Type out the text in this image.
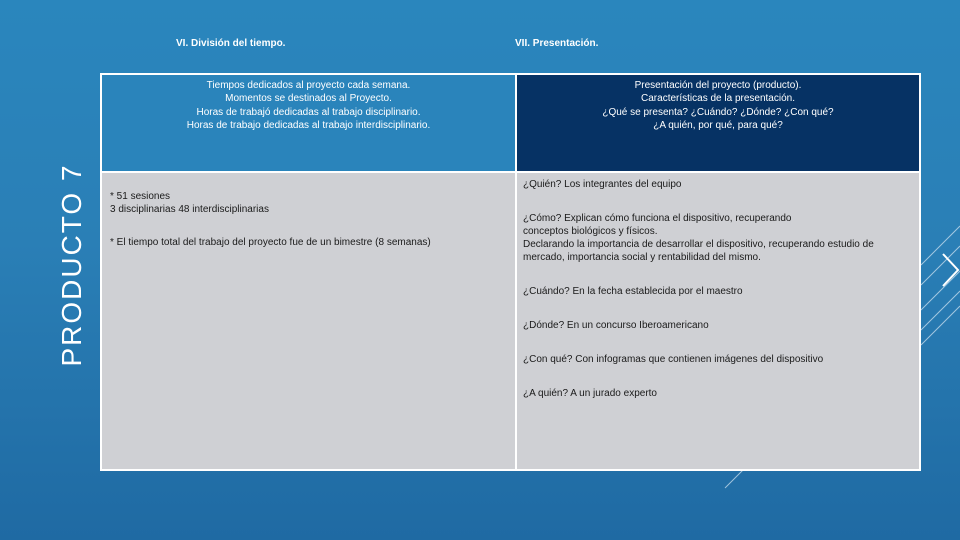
VI. División del tiempo.	VII. Presentación.
PRODUCTO 7
Tiempos dedicados al proyecto cada semana.
Momentos se destinados al Proyecto.
Horas de trabajó dedicadas al trabajo disciplinario.
Horas de trabajo dedicadas al trabajo interdisciplinario.
Presentación del proyecto (producto).
Características de la presentación.
¿Qué se presenta? ¿Cuándo? ¿Dónde? ¿Con qué?
¿A quién, por qué, para qué?
* 51 sesiones
3 disciplinarias 48 interdisciplinarias
* El tiempo total del trabajo del proyecto fue de un bimestre (8 semanas)
¿Quién? Los integrantes del equipo
¿Cómo? Explican cómo funciona el dispositivo, recuperando
conceptos biológicos y físicos.
Declarando la importancia de desarrollar el dispositivo, recuperando estudio de
mercado, importancia social y rentabilidad del mismo.
¿Cuándo? En la fecha establecida por el maestro
¿Dónde? En un concurso Iberoamericano
¿Con qué? Con infogramas que contienen imágenes del dispositivo
¿A quién? A un jurado experto
